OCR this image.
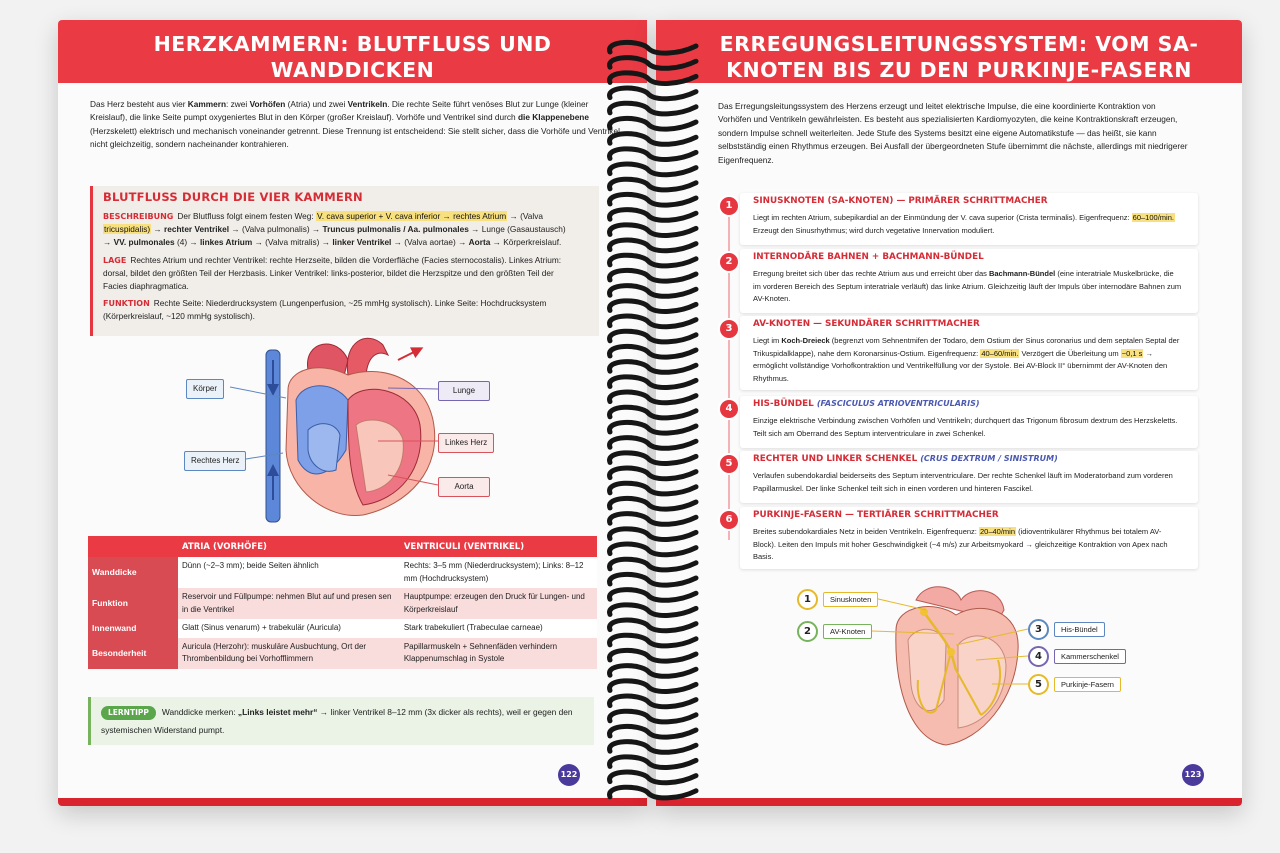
HERZKAMMERN: BLUTFLUSS UND WANDDICKEN

Das Herz besteht aus vier Kammern: zwei Vorhöfen (Atria) und zwei Ventrikeln. Die rechte Seite führt venöses Blut zur Lunge (kleiner Kreislauf), die linke Seite pumpt oxygeniertes Blut in den Körper (großer Kreislauf). Vorhöfe und Ventrikel sind durch die Klappenebene (Herzskelett) elektrisch und mechanisch voneinander getrennt. Diese Trennung ist entscheidend: Sie stellt sicher, dass die Vorhöfe und Ventrikel nicht gleichzeitig, sondern nacheinander kontrahieren.

BLUTFLUSS DURCH DIE VIER KAMMERN
BESCHREIBUNG Der Blutfluss folgt einem festen Weg: V. cava superior + V. cava inferior → rechtes Atrium → (Valva tricuspidalis) → rechter Ventrikel → (Valva pulmonalis) → Truncus pulmonalis / Aa. pulmonales → Lunge (Gasaustausch) → VV. pulmonales (4) → linkes Atrium → (Valva mitralis) → linker Ventrikel → (Valva aortae) → Aorta → Körperkreislauf.
LAGE Rechtes Atrium und rechter Ventrikel: rechte Herzseite, bilden die Vorderfläche (Facies sternocostalis). Linkes Atrium: dorsal, bildet den größten Teil der Herzbasis. Linker Ventrikel: links-posterior, bildet die Herzspitze und den größten Teil der Facies diaphragmatica.
FUNKTION Rechte Seite: Niederdrucksystem (Lungenperfusion, ~25 mmHg systolisch). Linke Seite: Hochdrucksystem (Körperkreislauf, ~120 mmHg systolisch).
Körper	Lunge
Rechtes Herz
Linkes Herz
Aorta
122
	ATRIA (VORHÖFE)	VENTRICULI (VENTRIKEL)
Wanddicke	Dünn (~2–3 mm); beide Seiten ähnlich	Rechts: 3–5 mm (Niederdrucksystem); Links: 8–12 mm (Hochdrucksystem)
Funktion	Reservoir und Füllpumpe: nehmen Blut auf und presen sen in die Ventrikel	Hauptpumpe: erzeugen den Druck für Lungen- und Körperkreislauf
Innenwand	Glatt (Sinus venarum) + trabekulär (Auricula)	Stark trabekuliert (Trabeculae carneae)
Besonderheit	Auricula (Herzohr): muskuläre Ausbuchtung, Ort der Thrombenbildung bei Vorhofflimmern	Papillarmuskeln + Sehnenfäden verhindern Klappenumschlag in Systole
LERNTIPP Wanddicke merken: „Links leistet mehr“ → linker Ventrikel 8–12 mm (3x dicker als rechts), weil er gegen den systemischen Widerstand pumpt.
ERREGUNGSLEITUNGSSYSTEM: VOM SA-KNOTEN BIS ZU DEN PURKINJE-FASERN

Das Erregungsleitungssystem des Herzens erzeugt und leitet elektrische Impulse, die eine koordinierte Kontraktion von Vorhöfen und Ventrikeln gewährleisten. Es besteht aus spezialisierten Kardiomyozyten, die keine Kontraktionskraft erzeugen, sondern Impulse schnell weiterleiten. Jede Stufe des Systems besitzt eine eigene Automatikstufe — das heißt, sie kann selbstständig einen Rhythmus erzeugen. Bei Ausfall der übergeordneten Stufe übernimmt die nächste, allerdings mit niedrigerer Eigenfrequenz.

1	SINUSKNOTEN (SA-KNOTEN) — PRIMÄRER SCHRITTMACHER
Liegt im rechten Atrium, subepikardial an der Einmündung der V. cava superior (Crista terminalis). Eigenfrequenz: 60–100/min. Erzeugt den Sinusrhythmus; wird durch vegetative Innervation moduliert.
2	INTERNODÄRE BAHNEN + BACHMANN-BÜNDEL
Erregung breitet sich über das rechte Atrium aus und erreicht über das Bachmann-Bündel (eine interatriale Muskelbrücke, die im vorderen Bereich des Septum interatriale verläuft) das linke Atrium. Gleichzeitig läuft der Impuls über internodäre Bahnen zum AV-Knoten.
3	AV-KNOTEN — SEKUNDÄRER SCHRITTMACHER
Liegt im Koch-Dreieck (begrenzt vom Sehnentmifen der Todaro, dem Ostium der Sinus coronarius und dem septalen Septal der Trikuspidalklappe), nahe dem Koronarsinus-Ostium. Eigenfrequenz: 40–60/min. Verzögert die Überleitung um ~0,1 s → ermöglicht vollständige Vorhofkontraktion und Ventrikelfüllung vor der Systole. Bei AV-Block II° übernimmt der AV-Knoten den Rhythmus.
4	HIS-BÜNDEL (FASCICULUS ATRIOVENTRICULARIS)
Einzige elektrische Verbindung zwischen Vorhöfen und Ventrikeln; durchquert das Trigonum fibrosum dextrum des Herzskeletts. Teilt sich am Oberrand des Septum interventriculare in zwei Schenkel.
5	RECHTER UND LINKER SCHENKEL (CRUS DEXTRUM / SINISTRUM)
Verlaufen subendokardial beiderseits des Septum interventriculare. Der rechte Schenkel läuft im Moderatorband zum vorderen Papillarmuskel. Der linke Schenkel teilt sich in einen vorderen und hinteren Fascikel.
6	PURKINJE-FASERN — TERTIÄRER SCHRITTMACHER
Breites subendokardiales Netz in beiden Ventrikeln. Eigenfrequenz: 20–40/min (idioventrikulärer Rhythmus bei totalem AV-Block). Leiten den Impuls mit hoher Geschwindigkeit (~4 m/s) zur Arbeitsmyokard → gleichzeitige Kontraktion von Apex nach Basis.
1	Sinusknoten
2	AV-Knoten	3	His-Bündel
4	Kammerschenkel
5	Purkinje-Fasern
123
